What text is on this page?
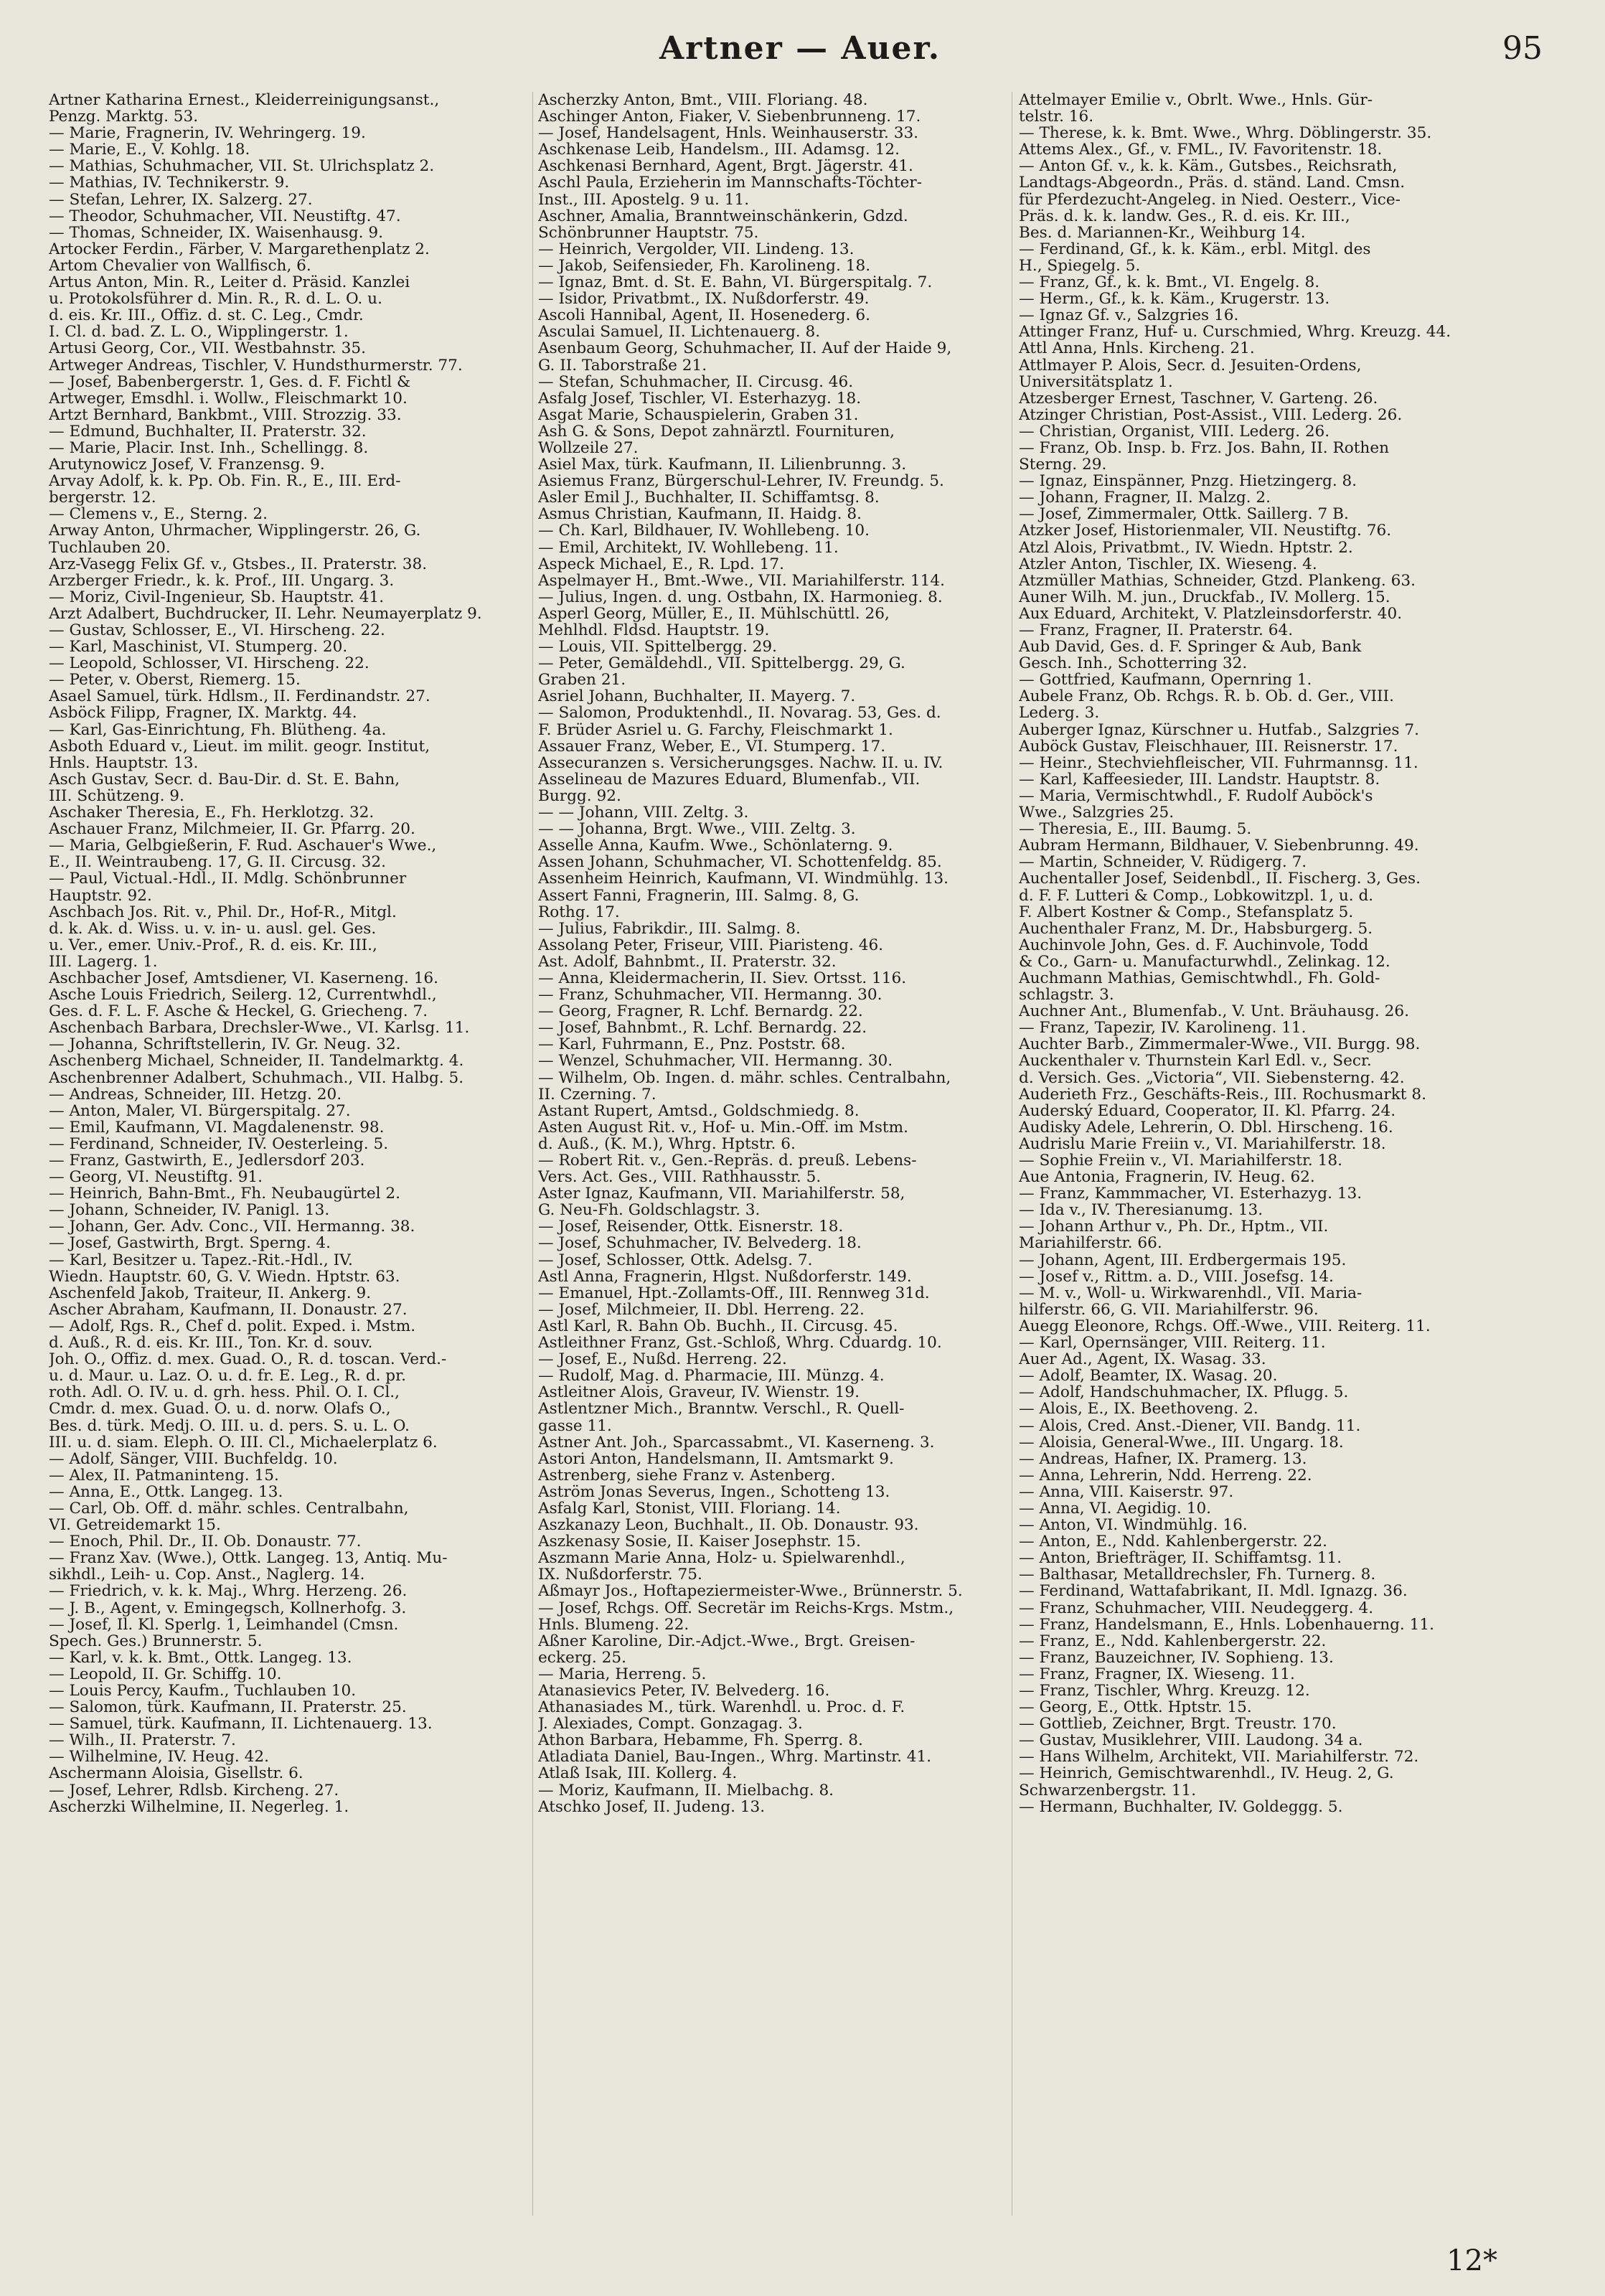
Artner — Auer.	95
Artner Katharina Ernest., Kleiderreinigungsanst.,
Penzg. Marktg. 53.
— Marie, Fragnerin, IV. Wehringerg. 19.
— Marie, E., V. Kohlg. 18.
— Mathias, Schuhmacher, VII. St. Ulrichsplatz 2.
— Mathias, IV. Technikerstr. 9.
— Stefan, Lehrer, IX. Salzerg. 27.
— Theodor, Schuhmacher, VII. Neustiftg. 47.
— Thomas, Schneider, IX. Waisenhausg. 9.
Artocker Ferdin., Färber, V. Margarethenplatz 2.
Artom Chevalier von Wallfisch, 6.
Artus Anton, Min. R., Leiter d. Präsid. Kanzlei
u. Protokolsführer d. Min. R., R. d. L. O. u.
d. eis. Kr. III., Offiz. d. st. C. Leg., Cmdr.
I. Cl. d. bad. Z. L. O., Wipplingerstr. 1.
Artusi Georg, Cor., VII. Westbahnstr. 35.
Artweger Andreas, Tischler, V. Hundsthurmerstr. 77.
— Josef, Babenbergerstr. 1, Ges. d. F. Fichtl &
Artweger, Emsdhl. i. Wollw., Fleischmarkt 10.
Artzt Bernhard, Bankbmt., VIII. Strozzig. 33.
— Edmund, Buchhalter, II. Praterstr. 32.
— Marie, Placir. Inst. Inh., Schellingg. 8.
Arutynowicz Josef, V. Franzensg. 9.
Arvay Adolf, k. k. Pp. Ob. Fin. R., E., III. Erd-
bergerstr. 12.
— Clemens v., E., Sterng. 2.
Arway Anton, Uhrmacher, Wipplingerstr. 26, G.
Tuchlauben 20.
Arz-Vasegg Felix Gf. v., Gtsbes., II. Praterstr. 38.
Arzberger Friedr., k. k. Prof., III. Ungarg. 3.
— Moriz, Civil-Ingenieur, Sb. Hauptstr. 41.
Arzt Adalbert, Buchdrucker, II. Lehr. Neumayerplatz 9.
— Gustav, Schlosser, E., VI. Hirscheng. 22.
— Karl, Maschinist, VI. Stumperg. 20.
— Leopold, Schlosser, VI. Hirscheng. 22.
— Peter, v. Oberst, Riemerg. 15.
Asael Samuel, türk. Hdlsm., II. Ferdinandstr. 27.
Asböck Filipp, Fragner, IX. Marktg. 44.
— Karl, Gas-Einrichtung, Fh. Blütheng. 4a.
Asboth Eduard v., Lieut. im milit. geogr. Institut,
Hnls. Hauptstr. 13.
Asch Gustav, Secr. d. Bau-Dir. d. St. E. Bahn,
III. Schützeng. 9.
Aschaker Theresia, E., Fh. Herklotzg. 32.
Aschauer Franz, Milchmeier, II. Gr. Pfarrg. 20.
— Maria, Gelbgießerin, F. Rud. Aschauer's Wwe.,
E., II. Weintraubeng. 17, G. II. Circusg. 32.
— Paul, Victual.-Hdl., II. Mdlg. Schönbrunner
Hauptstr. 92.
Aschbach Jos. Rit. v., Phil. Dr., Hof-R., Mitgl.
d. k. Ak. d. Wiss. u. v. in- u. ausl. gel. Ges.
u. Ver., emer. Univ.-Prof., R. d. eis. Kr. III.,
III. Lagerg. 1.
Aschbacher Josef, Amtsdiener, VI. Kaserneng. 16.
Asche Louis Friedrich, Seilerg. 12, Currentwhdl.,
Ges. d. F. L. F. Asche & Heckel, G. Griecheng. 7.
Aschenbach Barbara, Drechsler-Wwe., VI. Karlsg. 11.
— Johanna, Schriftstellerin, IV. Gr. Neug. 32.
Aschenberg Michael, Schneider, II. Tandelmarktg. 4.
Aschenbrenner Adalbert, Schuhmach., VII. Halbg. 5.
— Andreas, Schneider, III. Hetzg. 20.
— Anton, Maler, VI. Bürgerspitalg. 27.
— Emil, Kaufmann, VI. Magdalenenstr. 98.
— Ferdinand, Schneider, IV. Oesterleing. 5.
— Franz, Gastwirth, E., Jedlersdorf 203.
— Georg, VI. Neustiftg. 91.
— Heinrich, Bahn-Bmt., Fh. Neubaugürtel 2.
— Johann, Schneider, IV. Panigl. 13.
— Johann, Ger. Adv. Conc., VII. Hermanng. 38.
— Josef, Gastwirth, Brgt. Sperng. 4.
— Karl, Besitzer u. Tapez.-Rit.-Hdl., IV.
Wiedn. Hauptstr. 60, G. V. Wiedn. Hptstr. 63.
Aschenfeld Jakob, Traiteur, II. Ankerg. 9.
Ascher Abraham, Kaufmann, II. Donaustr. 27.
— Adolf, Rgs. R., Chef d. polit. Exped. i. Mstm.
d. Äuß., R. d. eis. Kr. III., Ton. Kr. d. souv.
Joh. O., Offiz. d. mex. Guad. O., R. d. toscan. Verd.-
u. d. Maur. u. Laz. O. u. d. fr. E. Leg., R. d. pr.
roth. Adl. O. IV. u. d. grh. hess. Phil. O. I. Cl.,
Cmdr. d. mex. Guad. O. u. d. norw. Olafs O.,
Bes. d. türk. Medj. O. III. u. d. pers. S. u. L. O.
III. u. d. siam. Eleph. O. III. Cl., Michaelerplatz 6.
— Adolf, Sänger, VIII. Buchfeldg. 10.
— Alex, II. Patmaninteng. 15.
— Anna, E., Ottk. Langeg. 13.
— Carl, Ob. Off. d. mähr. schles. Centralbahn,
VI. Getreidemarkt 15.
— Enoch, Phil. Dr., II. Ob. Donaustr. 77.
— Franz Xav. (Wwe.), Ottk. Langeg. 13, Antiq. Mu-
sikhdl., Leih- u. Cop. Anst., Naglerg. 14.
— Friedrich, v. k. k. Maj., Whrg. Herzeng. 26.
— J. B., Agent, v. Emingegsch, Kollnerhofg. 3.
— Josef, Il. Kl. Sperlg. 1, Leimhandel (Cmsn.
Spech. Ges.) Brunnerstr. 5.
— Karl, v. k. k. Bmt., Ottk. Langeg. 13.
— Leopold, II. Gr. Schiffg. 10.
— Louis Percy, Kaufm., Tuchlauben 10.
— Salomon, türk. Kaufmann, II. Praterstr. 25.
— Samuel, türk. Kaufmann, II. Lichtenauerg. 13.
— Wilh., II. Praterstr. 7.
— Wilhelmine, IV. Heug. 42.
Aschermann Aloisia, Gisellstr. 6.
— Josef, Lehrer, Rdlsb. Kircheng. 27.
Ascherzki Wilhelmine, II. Negerleg. 1.
Ascherzky Anton, Bmt., VIII. Floriang. 48.
Aschinger Anton, Fiaker, V. Siebenbrunneng. 17.
— Josef, Handelsagent, Hnls. Weinhauserstr. 33.
Aschkenase Leib, Handelsm., III. Adamsg. 12.
Aschkenasi Bernhard, Agent, Brgt. Jägerstr. 41.
Aschl Paula, Erzieherin im Mannschafts-Töchter-
Inst., III. Apostelg. 9 u. 11.
Aschner, Amalia, Branntweinschänkerin, Gdzd.
Schönbrunner Hauptstr. 75.
— Heinrich, Vergolder, VII. Lindeng. 13.
— Jakob, Seifensieder, Fh. Karolineng. 18.
— Ignaz, Bmt. d. St. E. Bahn, VI. Bürgerspitalg. 7.
— Isidor, Privatbmt., IX. Nußdorferstr. 49.
Ascoli Hannibal, Agent, II. Hosenederg. 6.
Asculai Samuel, II. Lichtenauerg. 8.
Asenbaum Georg, Schuhmacher, II. Auf der Haide 9,
G. II. Taborstraße 21.
— Stefan, Schuhmacher, II. Circusg. 46.
Asfalg Josef, Tischler, VI. Esterhazyg. 18.
Asgat Marie, Schauspielerin, Graben 31.
Ash G. & Sons, Depot zahnärztl. Fournituren,
Wollzeile 27.
Asiel Max, türk. Kaufmann, II. Lilienbrunng. 3.
Asiemus Franz, Bürgerschul-Lehrer, IV. Freundg. 5.
Asler Emil J., Buchhalter, II. Schiffamtsg. 8.
Asmus Christian, Kaufmann, II. Haidg. 8.
— Ch. Karl, Bildhauer, IV. Wohllebeng. 10.
— Emil, Architekt, IV. Wohllebeng. 11.
Aspeck Michael, E., R. Lpd. 17.
Aspelmayer H., Bmt.-Wwe., VII. Mariahilferstr. 114.
— Julius, Ingen. d. ung. Ostbahn, IX. Harmonieg. 8.
Asperl Georg, Müller, E., II. Mühlschüttl. 26,
Mehlhdl. Fldsd. Hauptstr. 19.
— Louis, VII. Spittelbergg. 29.
— Peter, Gemäldehdl., VII. Spittelbergg. 29, G.
Graben 21.
Asriel Johann, Buchhalter, II. Mayerg. 7.
— Salomon, Produktenhdl., II. Novarag. 53, Ges. d.
F. Brüder Asriel u. G. Farchy, Fleischmarkt 1.
Assauer Franz, Weber, E., VI. Stumperg. 17.
Assecuranzen s. Versicherungsges. Nachw. II. u. IV.
Asselineau de Mazures Eduard, Blumenfab., VII.
Burgg. 92.
— — Johann, VIII. Zeltg. 3.
— — Johanna, Brgt. Wwe., VIII. Zeltg. 3.
Asselle Anna, Kaufm. Wwe., Schönlaterng. 9.
Assen Johann, Schuhmacher, VI. Schottenfeldg. 85.
Assenheim Heinrich, Kaufmann, VI. Windmühlg. 13.
Assert Fanni, Fragnerin, III. Salmg. 8, G.
Rothg. 17.
— Julius, Fabrikdir., III. Salmg. 8.
Assolang Peter, Friseur, VIII. Piaristeng. 46.
Ast. Adolf, Bahnbmt., II. Praterstr. 32.
— Anna, Kleidermacherin, II. Siev. Ortsst. 116.
— Franz, Schuhmacher, VII. Hermanng. 30.
— Georg, Fragner, R. Lchf. Bernardg. 22.
— Josef, Bahnbmt., R. Lchf. Bernardg. 22.
— Karl, Fuhrmann, E., Pnz. Poststr. 68.
— Wenzel, Schuhmacher, VII. Hermanng. 30.
— Wilhelm, Ob. Ingen. d. mähr. schles. Centralbahn,
II. Czerning. 7.
Astant Rupert, Amtsd., Goldschmiedg. 8.
Asten August Rit. v., Hof- u. Min.-Off. im Mstm.
d. Äuß., (K. M.), Whrg. Hptstr. 6.
— Robert Rit. v., Gen.-Repräs. d. preuß. Lebens-
Vers. Act. Ges., VIII. Rathhausstr. 5.
Aster Ignaz, Kaufmann, VII. Mariahilferstr. 58,
G. Neu-Fh. Goldschlagstr. 3.
— Josef, Reisender, Ottk. Eisnerstr. 18.
— Josef, Schuhmacher, IV. Belvederg. 18.
— Josef, Schlosser, Ottk. Adelsg. 7.
Astl Anna, Fragnerin, Hlgst. Nußdorferstr. 149.
— Emanuel, Hpt.-Zollamts-Off., III. Rennweg 31d.
— Josef, Milchmeier, II. Dbl. Herreng. 22.
Astl Karl, R. Bahn Ob. Buchh., II. Circusg. 45.
Astleithner Franz, Gst.-Schloß, Whrg. Cduardg. 10.
— Josef, E., Nußd. Herreng. 22.
— Rudolf, Mag. d. Pharmacie, III. Münzg. 4.
Astleitner Alois, Graveur, IV. Wienstr. 19.
Astlentzner Mich., Branntw. Verschl., R. Quell-
gasse 11.
Astner Ant. Joh., Sparcassabmt., VI. Kaserneng. 3.
Astori Anton, Handelsmann, II. Amtsmarkt 9.
Astrenberg, siehe Franz v. Astenberg.
Aström Jonas Severus, Ingen., Schotteng 13.
Asfalg Karl, Stonist, VIII. Floriang. 14.
Aszkanazy Leon, Buchhalt., II. Ob. Donaustr. 93.
Aszkenasy Sosie, II. Kaiser Josephstr. 15.
Aszmann Marie Anna, Holz- u. Spielwarenhdl.,
IX. Nußdorferstr. 75.
Aßmayr Jos., Hoftapeziermeister-Wwe., Brünnerstr. 5.
— Josef, Rchgs. Off. Secretär im Reichs-Krgs. Mstm.,
Hnls. Blumeng. 22.
Aßner Karoline, Dir.-Adjct.-Wwe., Brgt. Greisen-
eckerg. 25.
— Maria, Herreng. 5.
Atanasievics Peter, IV. Belvederg. 16.
Athanasiades M., türk. Warenhdl. u. Proc. d. F.
J. Alexiades, Compt. Gonzagag. 3.
Athon Barbara, Hebamme, Fh. Sperrg. 8.
Atladiata Daniel, Bau-Ingen., Whrg. Martinstr. 41.
Atlaß Isak, III. Kollerg. 4.
— Moriz, Kaufmann, II. Mielbachg. 8.
Atschko Josef, II. Judeng. 13.
Attelmayer Emilie v., Obrlt. Wwe., Hnls. Gür-
telstr. 16.
— Therese, k. k. Bmt. Wwe., Whrg. Döblingerstr. 35.
Attems Alex., Gf., v. FML., IV. Favoritenstr. 18.
— Anton Gf. v., k. k. Käm., Gutsbes., Reichsrath,
Landtags-Abgeordn., Präs. d. ständ. Land. Cmsn.
für Pferdezucht-Angeleg. in Nied. Oesterr., Vice-
Präs. d. k. k. landw. Ges., R. d. eis. Kr. III.,
Bes. d. Mariannen-Kr., Weihburg 14.
— Ferdinand, Gf., k. k. Käm., erbl. Mitgl. des
H., Spiegelg. 5.
— Franz, Gf., k. k. Bmt., VI. Engelg. 8.
— Herm., Gf., k. k. Käm., Krugerstr. 13.
— Ignaz Gf. v., Salzgries 16.
Attinger Franz, Huf- u. Curschmied, Whrg. Kreuzg. 44.
Attl Anna, Hnls. Kircheng. 21.
Attlmayer P. Alois, Secr. d. Jesuiten-Ordens,
Universitätsplatz 1.
Atzesberger Ernest, Taschner, V. Garteng. 26.
Atzinger Christian, Post-Assist., VIII. Lederg. 26.
— Christian, Organist, VIII. Lederg. 26.
— Franz, Ob. Insp. b. Frz. Jos. Bahn, II. Rothen
Sterng. 29.
— Ignaz, Einspänner, Pnzg. Hietzingerg. 8.
— Johann, Fragner, II. Malzg. 2.
— Josef, Zimmermaler, Ottk. Saillerg. 7 B.
Atzker Josef, Historienmaler, VII. Neustiftg. 76.
Atzl Alois, Privatbmt., IV. Wiedn. Hptstr. 2.
Atzler Anton, Tischler, IX. Wieseng. 4.
Atzmüller Mathias, Schneider, Gtzd. Plankeng. 63.
Auner Wilh. M. jun., Druckfab., IV. Mollerg. 15.
Aux Eduard, Architekt, V. Platzleinsdorferstr. 40.
— Franz, Fragner, II. Praterstr. 64.
Aub David, Ges. d. F. Springer & Aub, Bank
Gesch. Inh., Schotterring 32.
— Gottfried, Kaufmann, Opernring 1.
Aubele Franz, Ob. Rchgs. R. b. Ob. d. Ger., VIII.
Lederg. 3.
Auberger Ignaz, Kürschner u. Hutfab., Salzgries 7.
Auböck Gustav, Fleischhauer, III. Reisnerstr. 17.
— Heinr., Stechviehfleischer, VII. Fuhrmannsg. 11.
— Karl, Kaffeesieder, III. Landstr. Hauptstr. 8.
— Maria, Vermischtwhdl., F. Rudolf Auböck's
Wwe., Salzgries 25.
— Theresia, E., III. Baumg. 5.
Aubram Hermann, Bildhauer, V. Siebenbrunng. 49.
— Martin, Schneider, V. Rüdigerg. 7.
Auchentaller Josef, Seidenbdl., II. Fischerg. 3, Ges.
d. F. F. Lutteri & Comp., Lobkowitzpl. 1, u. d.
F. Albert Kostner & Comp., Stefansplatz 5.
Auchenthaler Franz, M. Dr., Habsburgerg. 5.
Auchinvole John, Ges. d. F. Auchinvole, Todd
& Co., Garn- u. Manufacturwhdl., Zelinkag. 12.
Auchmann Mathias, Gemischtwhdl., Fh. Gold-
schlagstr. 3.
Auchner Ant., Blumenfab., V. Unt. Bräuhausg. 26.
— Franz, Tapezir, IV. Karolineng. 11.
Auchter Barb., Zimmermaler-Wwe., VII. Burgg. 98.
Auckenthaler v. Thurnstein Karl Edl. v., Secr.
d. Versich. Ges. „Victoria“, VII. Siebensterng. 42.
Auderieth Frz., Geschäfts-Reis., III. Rochusmarkt 8.
Auderský Eduard, Cooperator, II. Kl. Pfarrg. 24.
Audisky Adele, Lehrerin, O. Dbl. Hirscheng. 16.
Audrislu Marie Freiin v., VI. Mariahilferstr. 18.
— Sophie Freiin v., VI. Mariahilferstr. 18.
Aue Antonia, Fragnerin, IV. Heug. 62.
— Franz, Kammmacher, VI. Esterhazyg. 13.
— Ida v., IV. Theresianumg. 13.
— Johann Arthur v., Ph. Dr., Hptm., VII.
Mariahilferstr. 66.
— Johann, Agent, III. Erdbergermais 195.
— Josef v., Rittm. a. D., VIII. Josefsg. 14.
— M. v., Woll- u. Wirkwarenhdl., VII. Maria-
hilferstr. 66, G. VII. Mariahilferstr. 96.
Auegg Eleonore, Rchgs. Off.-Wwe., VIII. Reiterg. 11.
— Karl, Opernsänger, VIII. Reiterg. 11.
Auer Ad., Agent, IX. Wasag. 33.
— Adolf, Beamter, IX. Wasag. 20.
— Adolf, Handschuhmacher, IX. Pflugg. 5.
— Alois, E., IX. Beethoveng. 2.
— Alois, Cred. Anst.-Diener, VII. Bandg. 11.
— Aloisia, General-Wwe., III. Ungarg. 18.
— Andreas, Hafner, IX. Pramerg. 13.
— Anna, Lehrerin, Ndd. Herreng. 22.
— Anna, VIII. Kaiserstr. 97.
— Anna, VI. Aegidig. 10.
— Anton, VI. Windmühlg. 16.
— Anton, E., Ndd. Kahlenbergerstr. 22.
— Anton, Briefträger, II. Schiffamtsg. 11.
— Balthasar, Metalldrechsler, Fh. Turnerg. 8.
— Ferdinand, Wattafabrikant, II. Mdl. Ignazg. 36.
— Franz, Schuhmacher, VIII. Neudeggerg. 4.
— Franz, Handelsmann, E., Hnls. Lobenhauerng. 11.
— Franz, E., Ndd. Kahlenbergerstr. 22.
— Franz, Bauzeichner, IV. Sophieng. 13.
— Franz, Fragner, IX. Wieseng. 11.
— Franz, Tischler, Whrg. Kreuzg. 12.
— Georg, E., Ottk. Hptstr. 15.
— Gottlieb, Zeichner, Brgt. Treustr. 170.
— Gustav, Musiklehrer, VIII. Laudong. 34 a.
— Hans Wilhelm, Architekt, VII. Mariahilferstr. 72.
— Heinrich, Gemischtwarenhdl., IV. Heug. 2, G.
Schwarzenbergstr. 11.
— Hermann, Buchhalter, IV. Goldeggg. 5.
12*
